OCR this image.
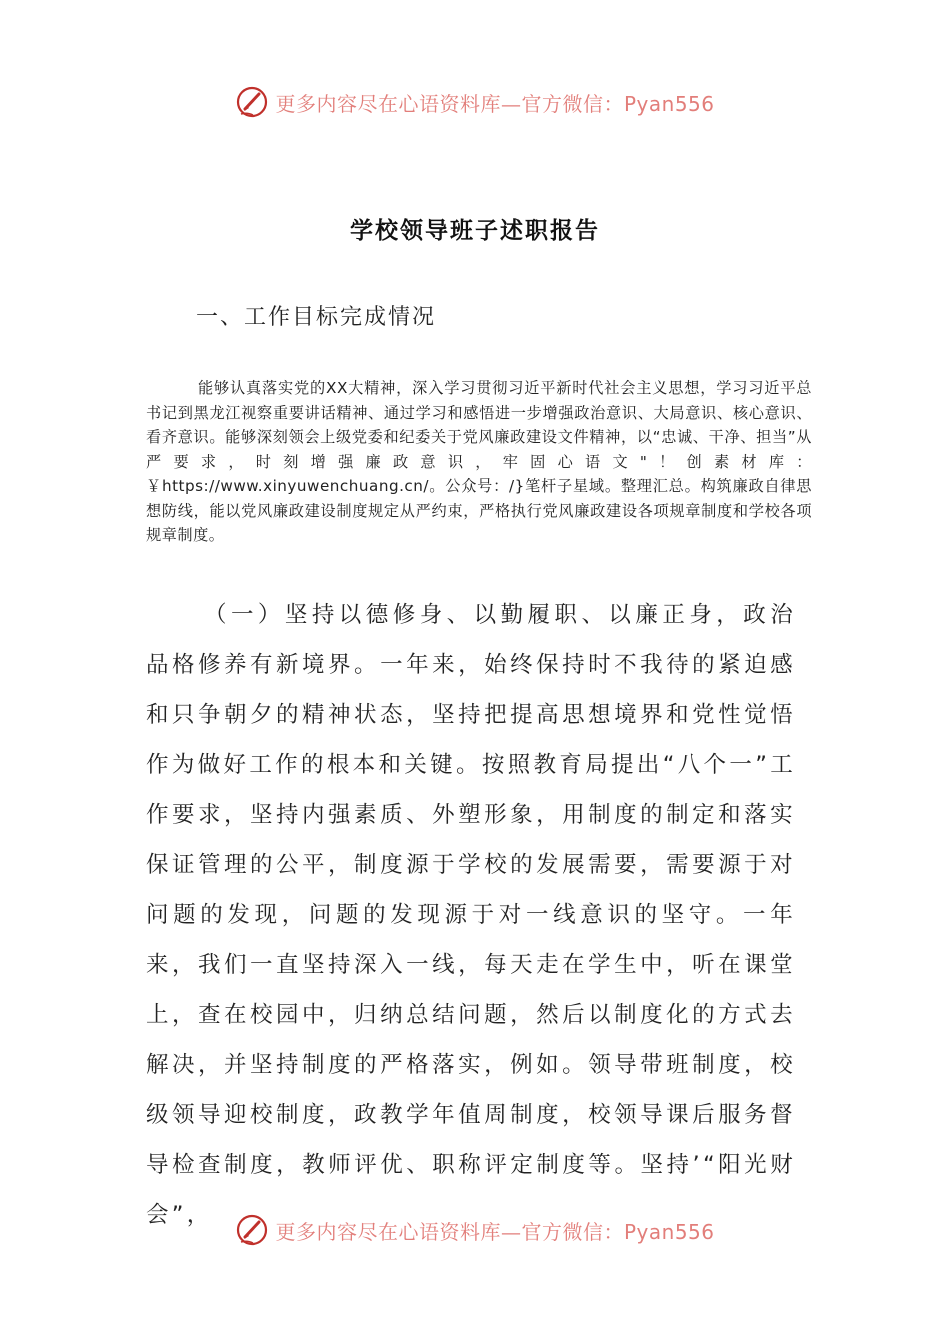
更多内容尽在心语资料库—官方微信：Pyan556
学校领导班子述职报告
一、工作目标完成情况
能够认真落实党的XX大精神，深入学习贯彻习近平新时代社会主义思想，学习习近平总书记到黑龙江视察重要讲话精神、通过学习和感悟进一步增强政治意识、大局意识、核心意识、看齐意识。能够深刻领会上级党委和纪委关于党风廉政建设文件精神，以“忠诚、干净、担当”从严要求，时刻增强廉政意识，牢固心语文"！创素材库：￥https://www.xinyuwenchuang.cn/。公众号：/}笔杆子星域。整理汇总。构筑廉政自律思想防线，能以党风廉政建设制度规定从严约束，严格执行党风廉政建设各项规章制度和学校各项规章制度。

（一）坚持以德修身、以勤履职、以廉正身，政治品格修养有新境界。一年来，始终保持时不我待的紧迫感和只争朝夕的精神状态，坚持把提高思想境界和党性觉悟作为做好工作的根本和关键。按照教育局提出“八个一”工作要求，坚持内强素质、外塑形象，用制度的制定和落实保证管理的公平，制度源于学校的发展需要，需要源于对问题的发现，问题的发现源于对一线意识的坚守。一年来，我们一直坚持深入一线，每天走在学生中，听在课堂上，查在校园中，归纳总结问题，然后以制度化的方式去解决，并坚持制度的严格落实，例如。领导带班制度，校级领导迎校制度，政教学年值周制度，校领导课后服务督导检查制度，教师评优、职称评定制度等。坚持’“阳光财会”，

更多内容尽在心语资料库—官方微信：Pyan556
